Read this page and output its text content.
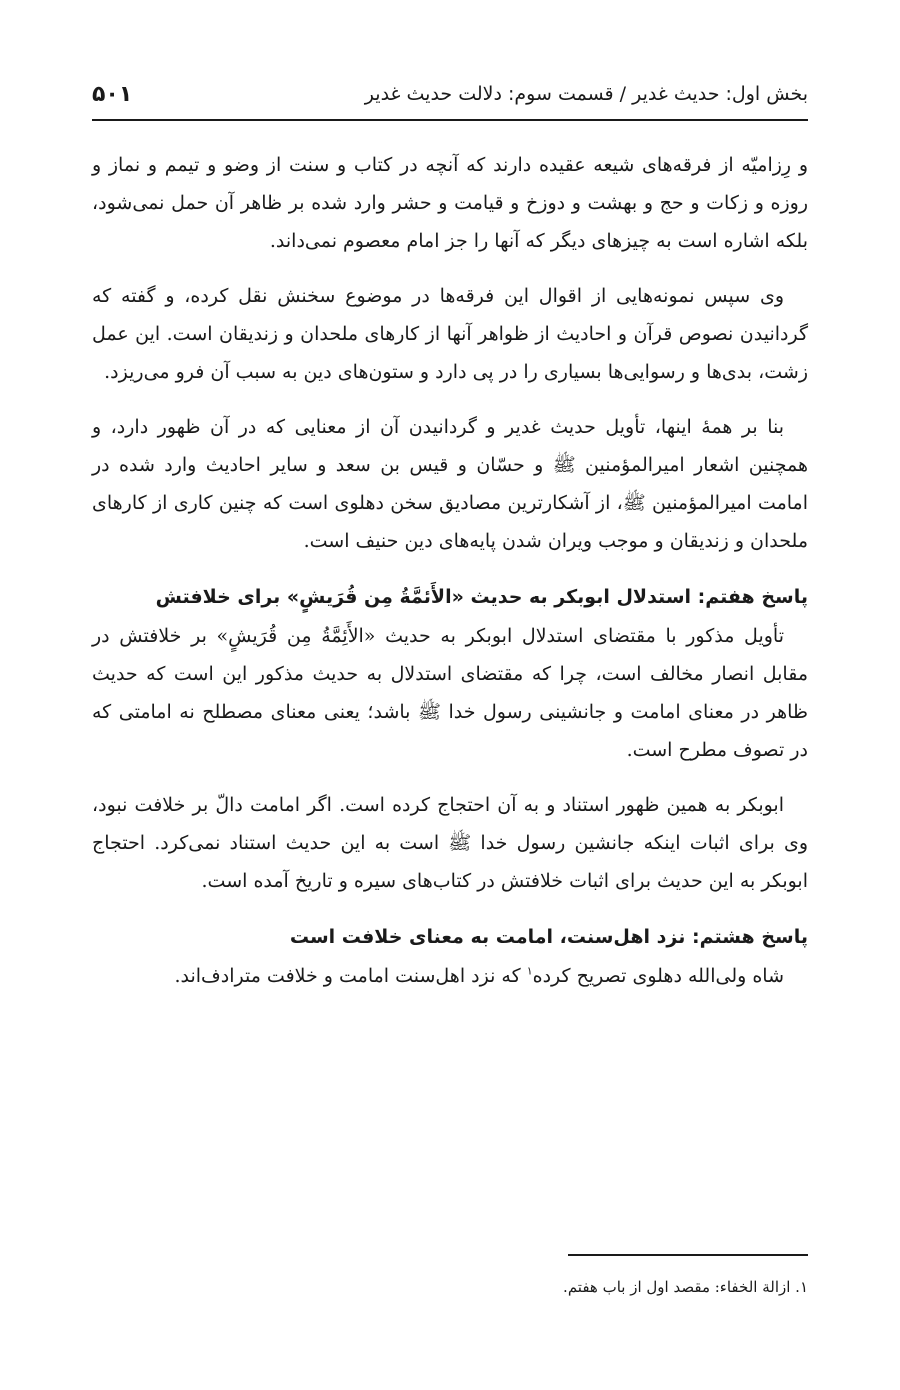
بخش اول: حدیث غدیر / قسمت سوم: دلالت حدیث غدیر
۵۰۱

و رِزامیّه از فرقه‌های شیعه عقیده دارند که آنچه در کتاب و سنت از وضو و تیمم و نماز و روزه و زکات و حج و بهشت و دوزخ و قیامت و حشر وارد شده بر ظاهر آن حمل نمی‌شود، بلکه اشاره است به چیزهای دیگر که آنها را جز امام معصوم نمی‌داند.

وی سپس نمونه‌هایی از اقوال این فرقه‌ها در موضوع سخنش نقل کرده، و گفته که گردانیدن نصوص قرآن و احادیث از ظواهر آنها از کارهای ملحدان و زندیقان است. این عمل زشت، بدی‌ها و رسوایی‌ها بسیاری را در پی دارد و ستون‌های دین به سبب آن فرو می‌ریزد.

بنا بر همهٔ اینها، تأویل حدیث غدیر و گردانیدن آن از معنایی که در آن ظهور دارد، و همچنین اشعار امیرالمؤمنین ﷺ و حسّان و قیس بن سعد و سایر احادیث وارد شده در امامت امیرالمؤمنین ﷺ، از آشکارترین مصادیق سخن دهلوی است که چنین کاری از کارهای ملحدان و زندیقان و موجب ویران شدن پایه‌های دین حنیف است.

پاسخ هفتم: استدلال ابوبکر به حدیث «الأَئمَّةُ مِن قُرَیشٍ» برای خلافتش

تأویل مذکور با مقتضای استدلال ابوبکر به حدیث «الأَئِمَّةُ مِن قُرَیشٍ» بر خلافتش در مقابل انصار مخالف است، چرا که مقتضای استدلال به حدیث مذکور این است که حدیث ظاهر در معنای امامت و جانشینی رسول خدا ﷺ باشد؛ یعنی معنای مصطلح نه امامتی که در تصوف مطرح است.

ابوبکر به همین ظهور استناد و به آن احتجاج کرده است. اگر امامت دالّ بر خلافت نبود، وی برای اثبات اینکه جانشین رسول خدا ﷺ است به این حدیث استناد نمی‌کرد. احتجاج ابوبکر به این حدیث برای اثبات خلافتش در کتاب‌های سیره و تاریخ آمده است.

پاسخ هشتم: نزد اهل‌سنت، امامت به معنای خلافت است

شاه ولی‌الله دهلوی تصریح کرده$^۱$ که نزد اهل‌سنت امامت و خلافت مترادف‌اند.

۱. ازالة الخفاء: مقصد اول از باب هفتم.
